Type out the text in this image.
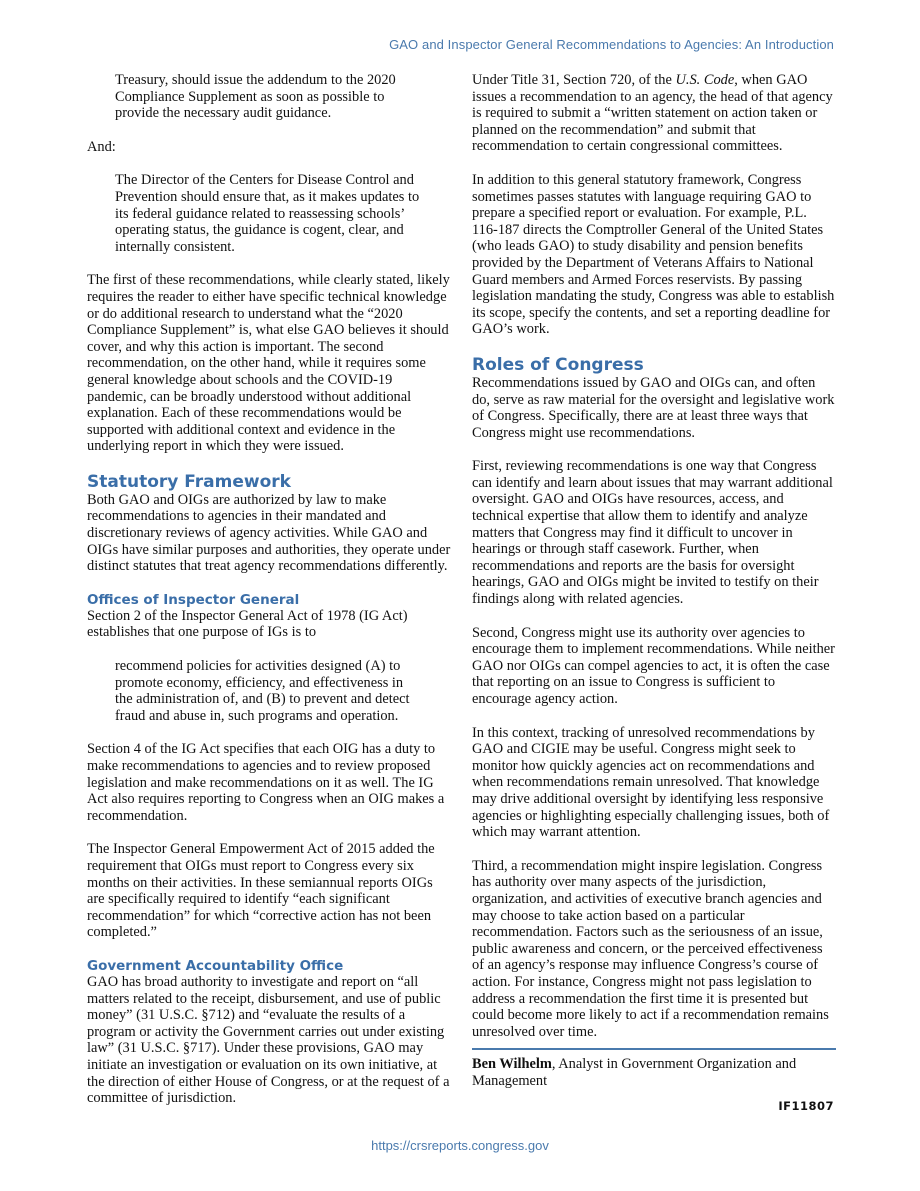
GAO and Inspector General Recommendations to Agencies: An Introduction

Treasury, should issue the addendum to the 2020 Compliance Supplement as soon as possible to provide the necessary audit guidance.

And:

The Director of the Centers for Disease Control and Prevention should ensure that, as it makes updates to its federal guidance related to reassessing schools’ operating status, the guidance is cogent, clear, and internally consistent.

The first of these recommendations, while clearly stated, likely requires the reader to either have specific technical knowledge or do additional research to understand what the “2020 Compliance Supplement” is, what else GAO believes it should cover, and why this action is important. The second recommendation, on the other hand, while it requires some general knowledge about schools and the COVID-19 pandemic, can be broadly understood without additional explanation. Each of these recommendations would be supported with additional context and evidence in the underlying report in which they were issued.

Statutory Framework

Both GAO and OIGs are authorized by law to make recommendations to agencies in their mandated and discretionary reviews of agency activities. While GAO and OIGs have similar purposes and authorities, they operate under distinct statutes that treat agency recommendations differently.

Offices of Inspector General

Section 2 of the Inspector General Act of 1978 (IG Act) establishes that one purpose of IGs is to

recommend policies for activities designed (A) to promote economy, efficiency, and effectiveness in the administration of, and (B) to prevent and detect fraud and abuse in, such programs and operation.

Section 4 of the IG Act specifies that each OIG has a duty to make recommendations to agencies and to review proposed legislation and make recommendations on it as well. The IG Act also requires reporting to Congress when an OIG makes a recommendation.

The Inspector General Empowerment Act of 2015 added the requirement that OIGs must report to Congress every six months on their activities. In these semiannual reports OIGs are specifically required to identify “each significant recommendation” for which “corrective action has not been completed.”

Government Accountability Office

GAO has broad authority to investigate and report on “all matters related to the receipt, disbursement, and use of public money” (31 U.S.C. §712) and “evaluate the results of a program or activity the Government carries out under existing law” (31 U.S.C. §717). Under these provisions, GAO may initiate an investigation or evaluation on its own initiative, at the direction of either House of Congress, or at the request of a committee of jurisdiction.

Under Title 31, Section 720, of the U.S. Code, when GAO issues a recommendation to an agency, the head of that agency is required to submit a “written statement on action taken or planned on the recommendation” and submit that recommendation to certain congressional committees.

In addition to this general statutory framework, Congress sometimes passes statutes with language requiring GAO to prepare a specified report or evaluation. For example, P.L. 116-187 directs the Comptroller General of the United States (who leads GAO) to study disability and pension benefits provided by the Department of Veterans Affairs to National Guard members and Armed Forces reservists. By passing legislation mandating the study, Congress was able to establish its scope, specify the contents, and set a reporting deadline for GAO’s work.

Roles of Congress

Recommendations issued by GAO and OIGs can, and often do, serve as raw material for the oversight and legislative work of Congress. Specifically, there are at least three ways that Congress might use recommendations.

First, reviewing recommendations is one way that Congress can identify and learn about issues that may warrant additional oversight. GAO and OIGs have resources, access, and technical expertise that allow them to identify and analyze matters that Congress may find it difficult to uncover in hearings or through staff casework. Further, when recommendations and reports are the basis for oversight hearings, GAO and OIGs might be invited to testify on their findings along with related agencies.

Second, Congress might use its authority over agencies to encourage them to implement recommendations. While neither GAO nor OIGs can compel agencies to act, it is often the case that reporting on an issue to Congress is sufficient to encourage agency action.

In this context, tracking of unresolved recommendations by GAO and CIGIE may be useful. Congress might seek to monitor how quickly agencies act on recommendations and when recommendations remain unresolved. That knowledge may drive additional oversight by identifying less responsive agencies or highlighting especially challenging issues, both of which may warrant attention.

Third, a recommendation might inspire legislation. Congress has authority over many aspects of the jurisdiction, organization, and activities of executive branch agencies and may choose to take action based on a particular recommendation. Factors such as the seriousness of an issue, public awareness and concern, or the perceived effectiveness of an agency’s response may influence Congress’s course of action. For instance, Congress might not pass legislation to address a recommendation the first time it is presented but could become more likely to act if a recommendation remains unresolved over time.

Ben Wilhelm, Analyst in Government Organization and Management
IF11807
https://crsreports.congress.gov
